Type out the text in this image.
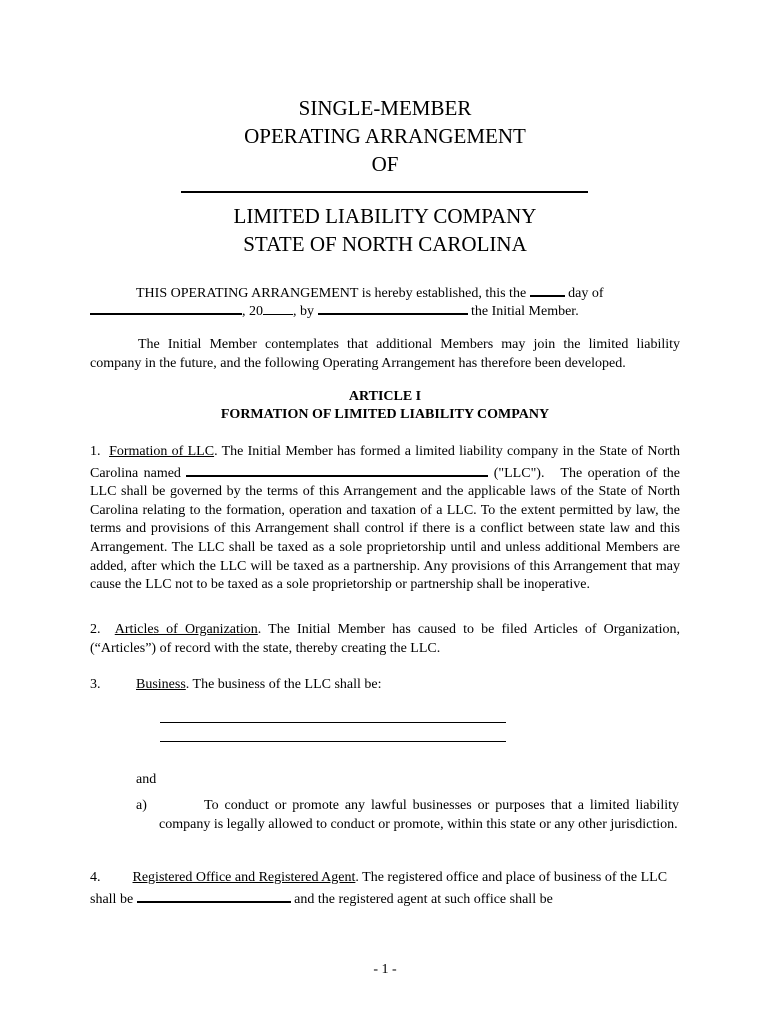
SINGLE-MEMBER
OPERATING ARRANGEMENT
OF
LIMITED LIABILITY COMPANY
STATE OF NORTH CAROLINA
THIS OPERATING ARRANGEMENT is hereby established, this the	day of
, 20 , by	the Initial Member.

The Initial Member contemplates that additional Members may join the limited liability company in the future, and the following Operating Arrangement has therefore been developed.

ARTICLE I
FORMATION OF LIMITED LIABILITY COMPANY

1. Formation of LLC. The Initial Member has formed a limited liability company in the State of North Carolina named	("LLC"). The operation of the LLC shall be governed by the terms of this Arrangement and the applicable laws of the State of North Carolina relating to the formation, operation and taxation of a LLC. To the extent permitted by law, the terms and provisions of this Arrangement shall control if there is a conflict between state law and this Arrangement. The LLC shall be taxed as a sole proprietorship until and unless additional Members are added, after which the LLC will be taxed as a partnership. Any provisions of this Arrangement that may cause the LLC not to be taxed as a sole proprietorship or partnership shall be inoperative.

2. Articles of Organization. The Initial Member has caused to be filed Articles of Organization, (“Articles”) of record with the state, thereby creating the LLC.

3.	Business. The business of the LLC shall be:
and
a)	To conduct or promote any lawful businesses or purposes that a limited liability company is legally allowed to conduct or promote, within this state or any other jurisdiction.

4. Registered Office and Registered Agent. The registered office and place of business of the LLC shall be	and the registered agent at such office shall be

- 1 -
